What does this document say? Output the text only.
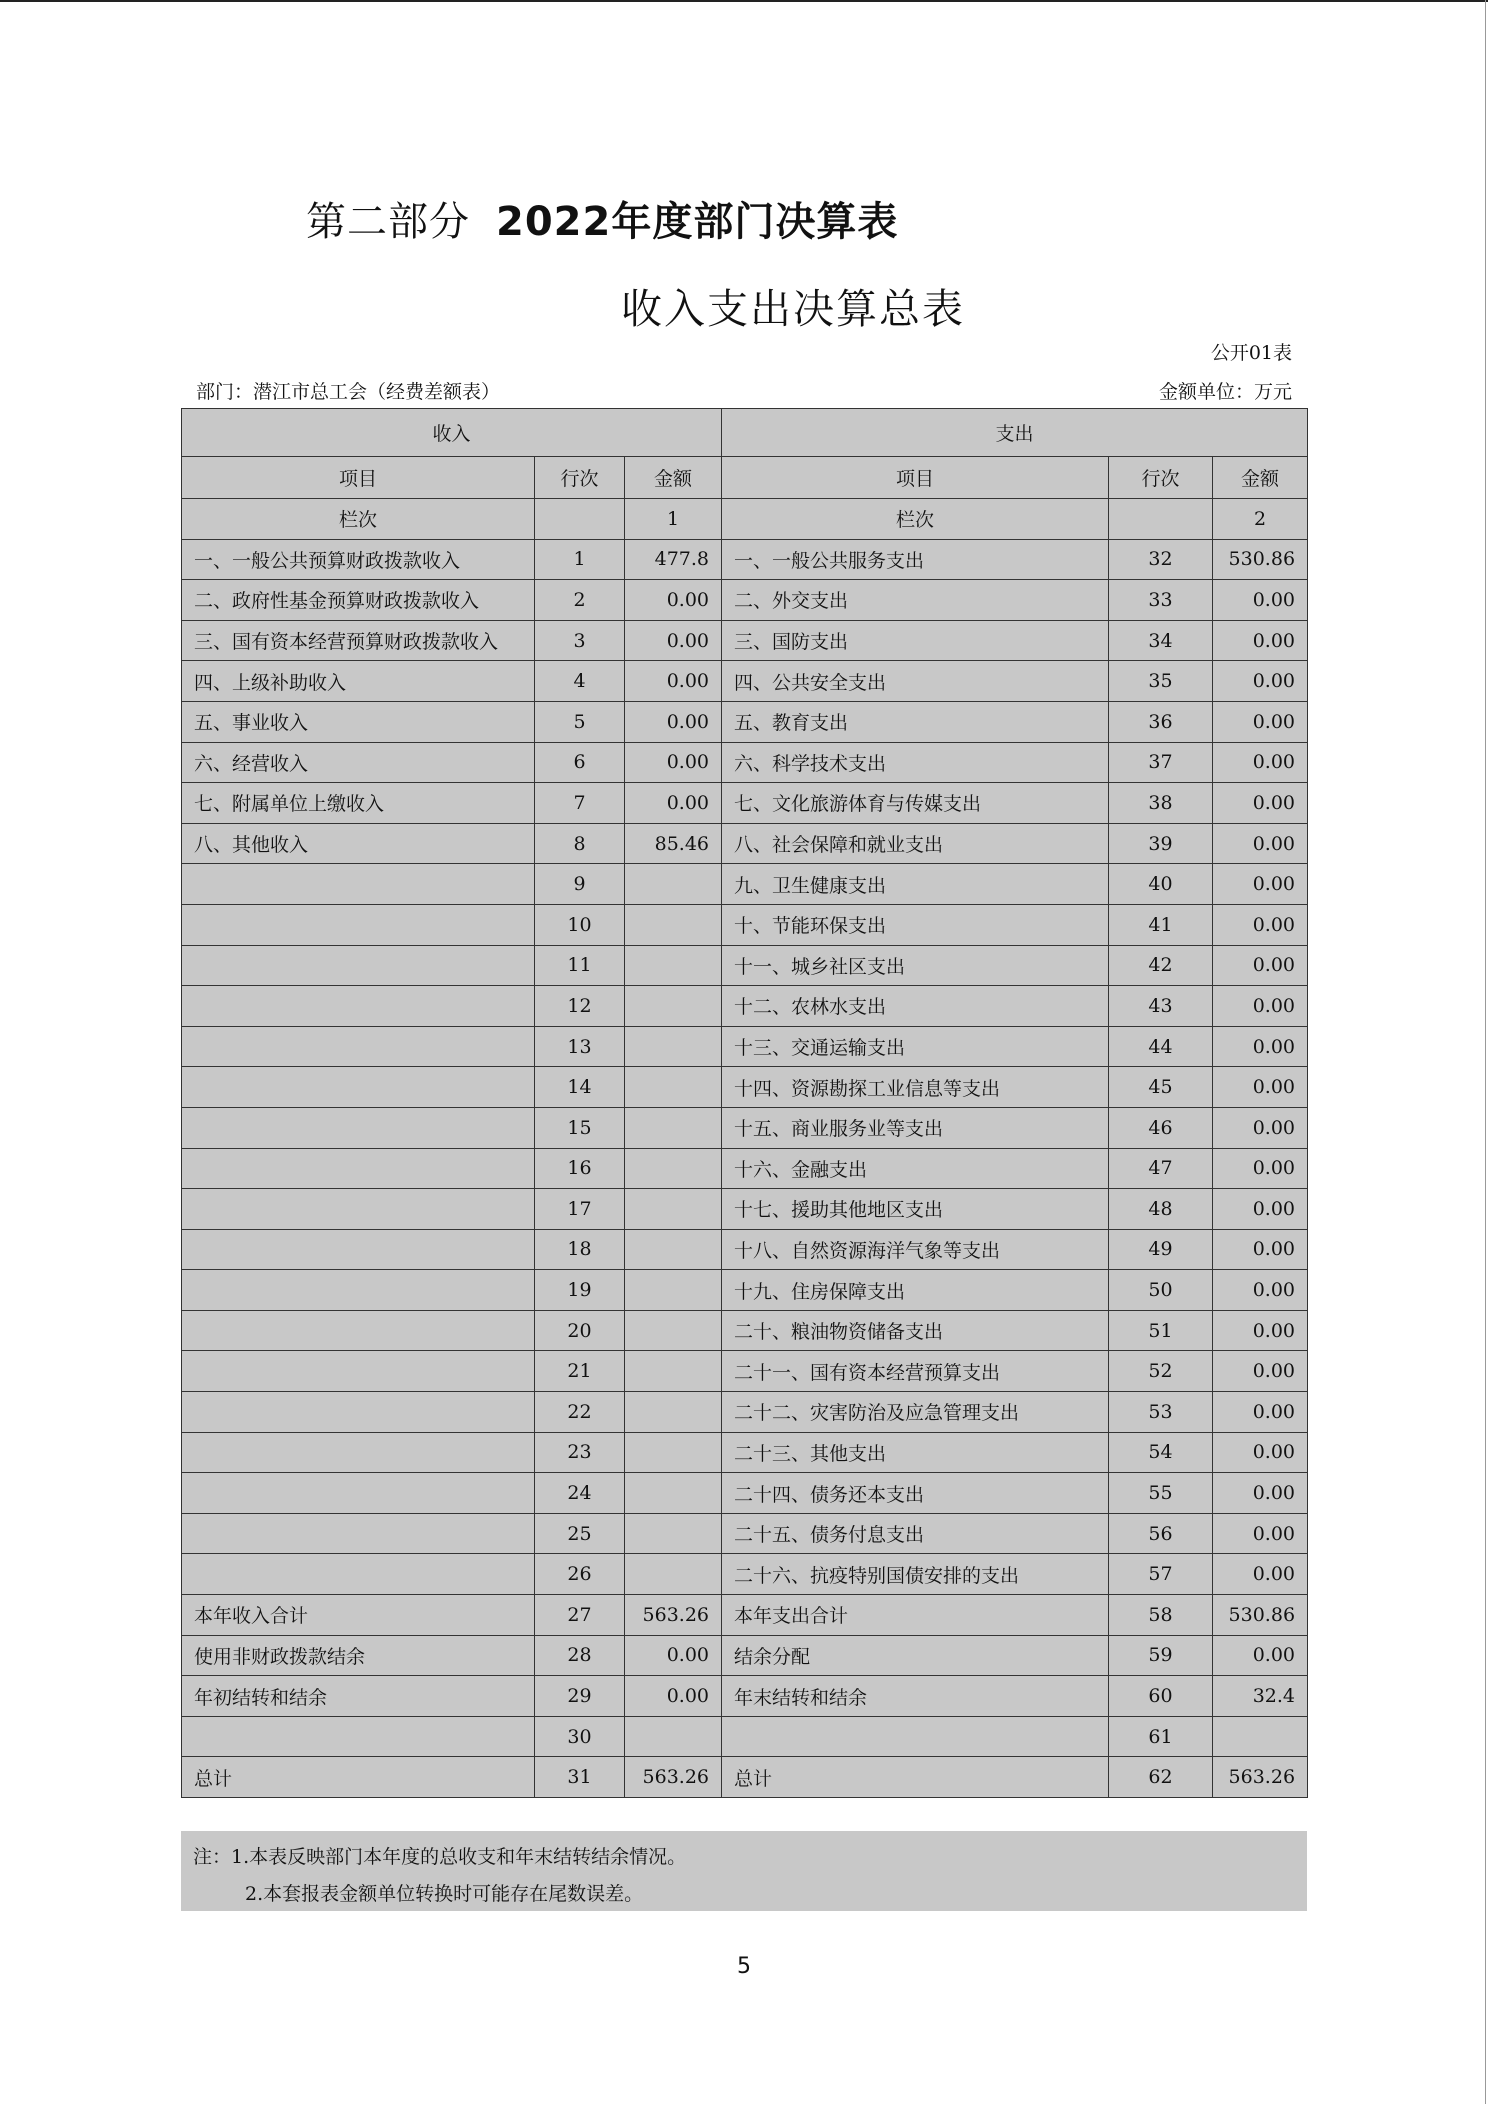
第二部分 2022年度部门决算表
收入支出决算总表
公开01表
部门：潜江市总工会（经费差额表）	金额单位：万元
收入			支出		
项目	行次	金额	项目	行次	金额
栏次		1	栏次		2
一、一般公共预算财政拨款收入	1	477.8	一、一般公共服务支出	32	530.86
二、政府性基金预算财政拨款收入	2	0.00	二、外交支出	33	0.00
三、国有资本经营预算财政拨款收入	3	0.00	三、国防支出	34	0.00
四、上级补助收入	4	0.00	四、公共安全支出	35	0.00
五、事业收入	5	0.00	五、教育支出	36	0.00
六、经营收入	6	0.00	六、科学技术支出	37	0.00
七、附属单位上缴收入	7	0.00	七、文化旅游体育与传媒支出	38	0.00
八、其他收入	8	85.46	八、社会保障和就业支出	39	0.00
	9		九、卫生健康支出	40	0.00
	10		十、节能环保支出	41	0.00
	11		十一、城乡社区支出	42	0.00
	12		十二、农林水支出	43	0.00
	13		十三、交通运输支出	44	0.00
	14		十四、资源勘探工业信息等支出	45	0.00
	15		十五、商业服务业等支出	46	0.00
	16		十六、金融支出	47	0.00
	17		十七、援助其他地区支出	48	0.00
	18		十八、自然资源海洋气象等支出	49	0.00
	19		十九、住房保障支出	50	0.00
	20		二十、粮油物资储备支出	51	0.00
	21		二十一、国有资本经营预算支出	52	0.00
	22		二十二、灾害防治及应急管理支出	53	0.00
	23		二十三、其他支出	54	0.00
	24		二十四、债务还本支出	55	0.00
	25		二十五、债务付息支出	56	0.00
	26		二十六、抗疫特别国债安排的支出	57	0.00
本年收入合计	27	563.26	本年支出合计	58	530.86
使用非财政拨款结余	28	0.00	结余分配	59	0.00
年初结转和结余	29	0.00	年末结转和结余	60	32.4
	30			61	
总计	31	563.26	总计	62	563.26
注：1.本表反映部门本年度的总收支和年末结转结余情况。
2.本套报表金额单位转换时可能存在尾数误差。
5
